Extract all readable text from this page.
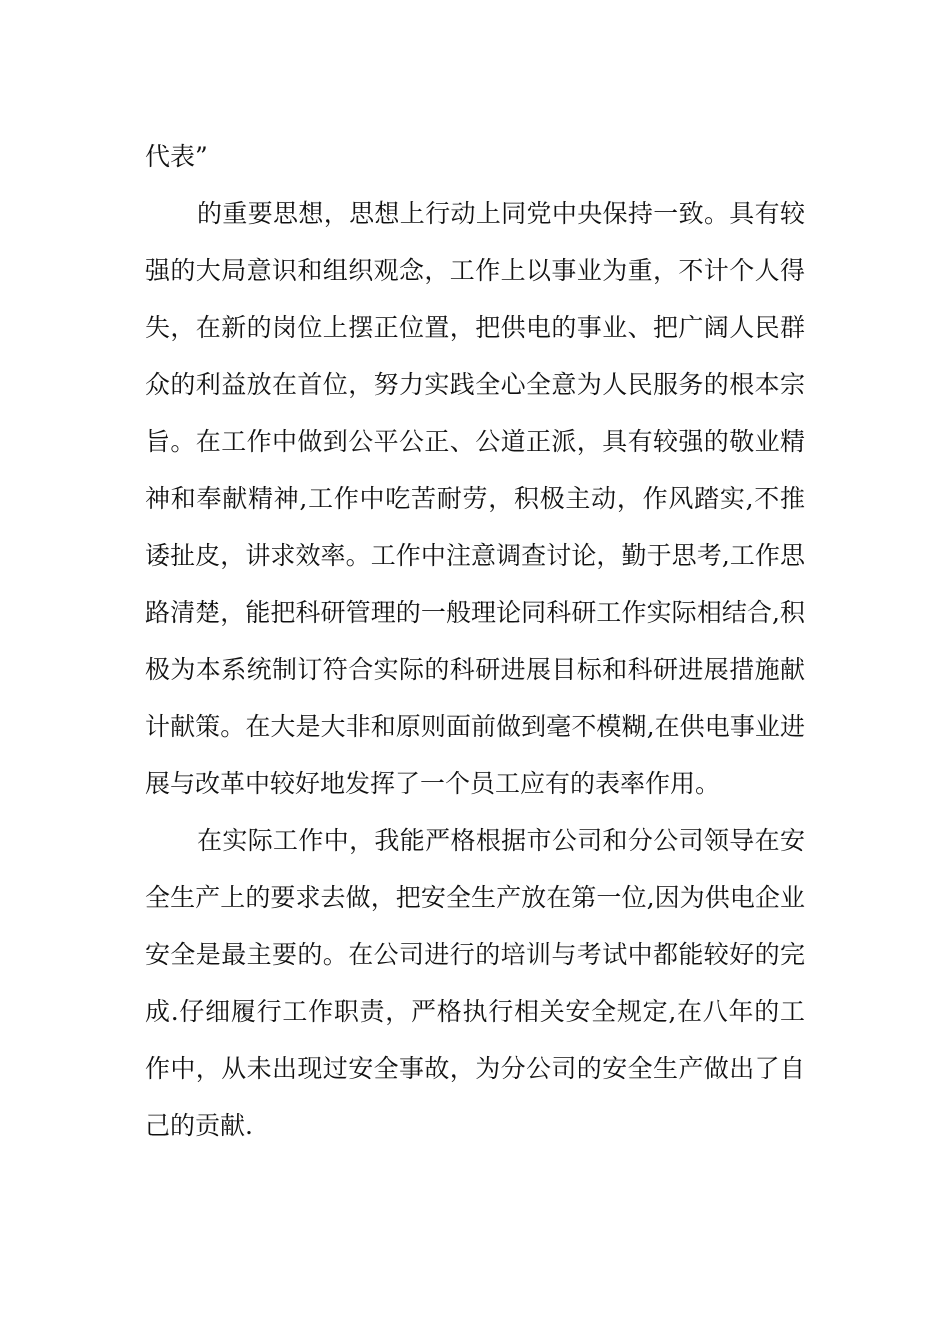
代表”

的重要思想，思想上行动上同党中央保持一致。具有较强的大局意识和组织观念，工作上以事业为重，不计个人得失，在新的岗位上摆正位置，把供电的事业、把广阔人民群众的利益放在首位，努力实践全心全意为人民服务的根本宗旨。在工作中做到公平公正、公道正派，具有较强的敬业精神和奉献精神,工作中吃苦耐劳，积极主动，作风踏实,不推诿扯皮，讲求效率。工作中注意调查讨论，勤于思考,工作思路清楚，能把科研管理的一般理论同科研工作实际相结合,积极为本系统制订符合实际的科研进展目标和科研进展措施献计献策。在大是大非和原则面前做到毫不模糊,在供电事业进展与改革中较好地发挥了一个员工应有的表率作用。

在实际工作中，我能严格根据市公司和分公司领导在安全生产上的要求去做，把安全生产放在第一位,因为供电企业安全是最主要的。在公司进行的培训与考试中都能较好的完成.仔细履行工作职责，严格执行相关安全规定,在八年的工作中，从未出现过安全事故，为分公司的安全生产做出了自己的贡献.
